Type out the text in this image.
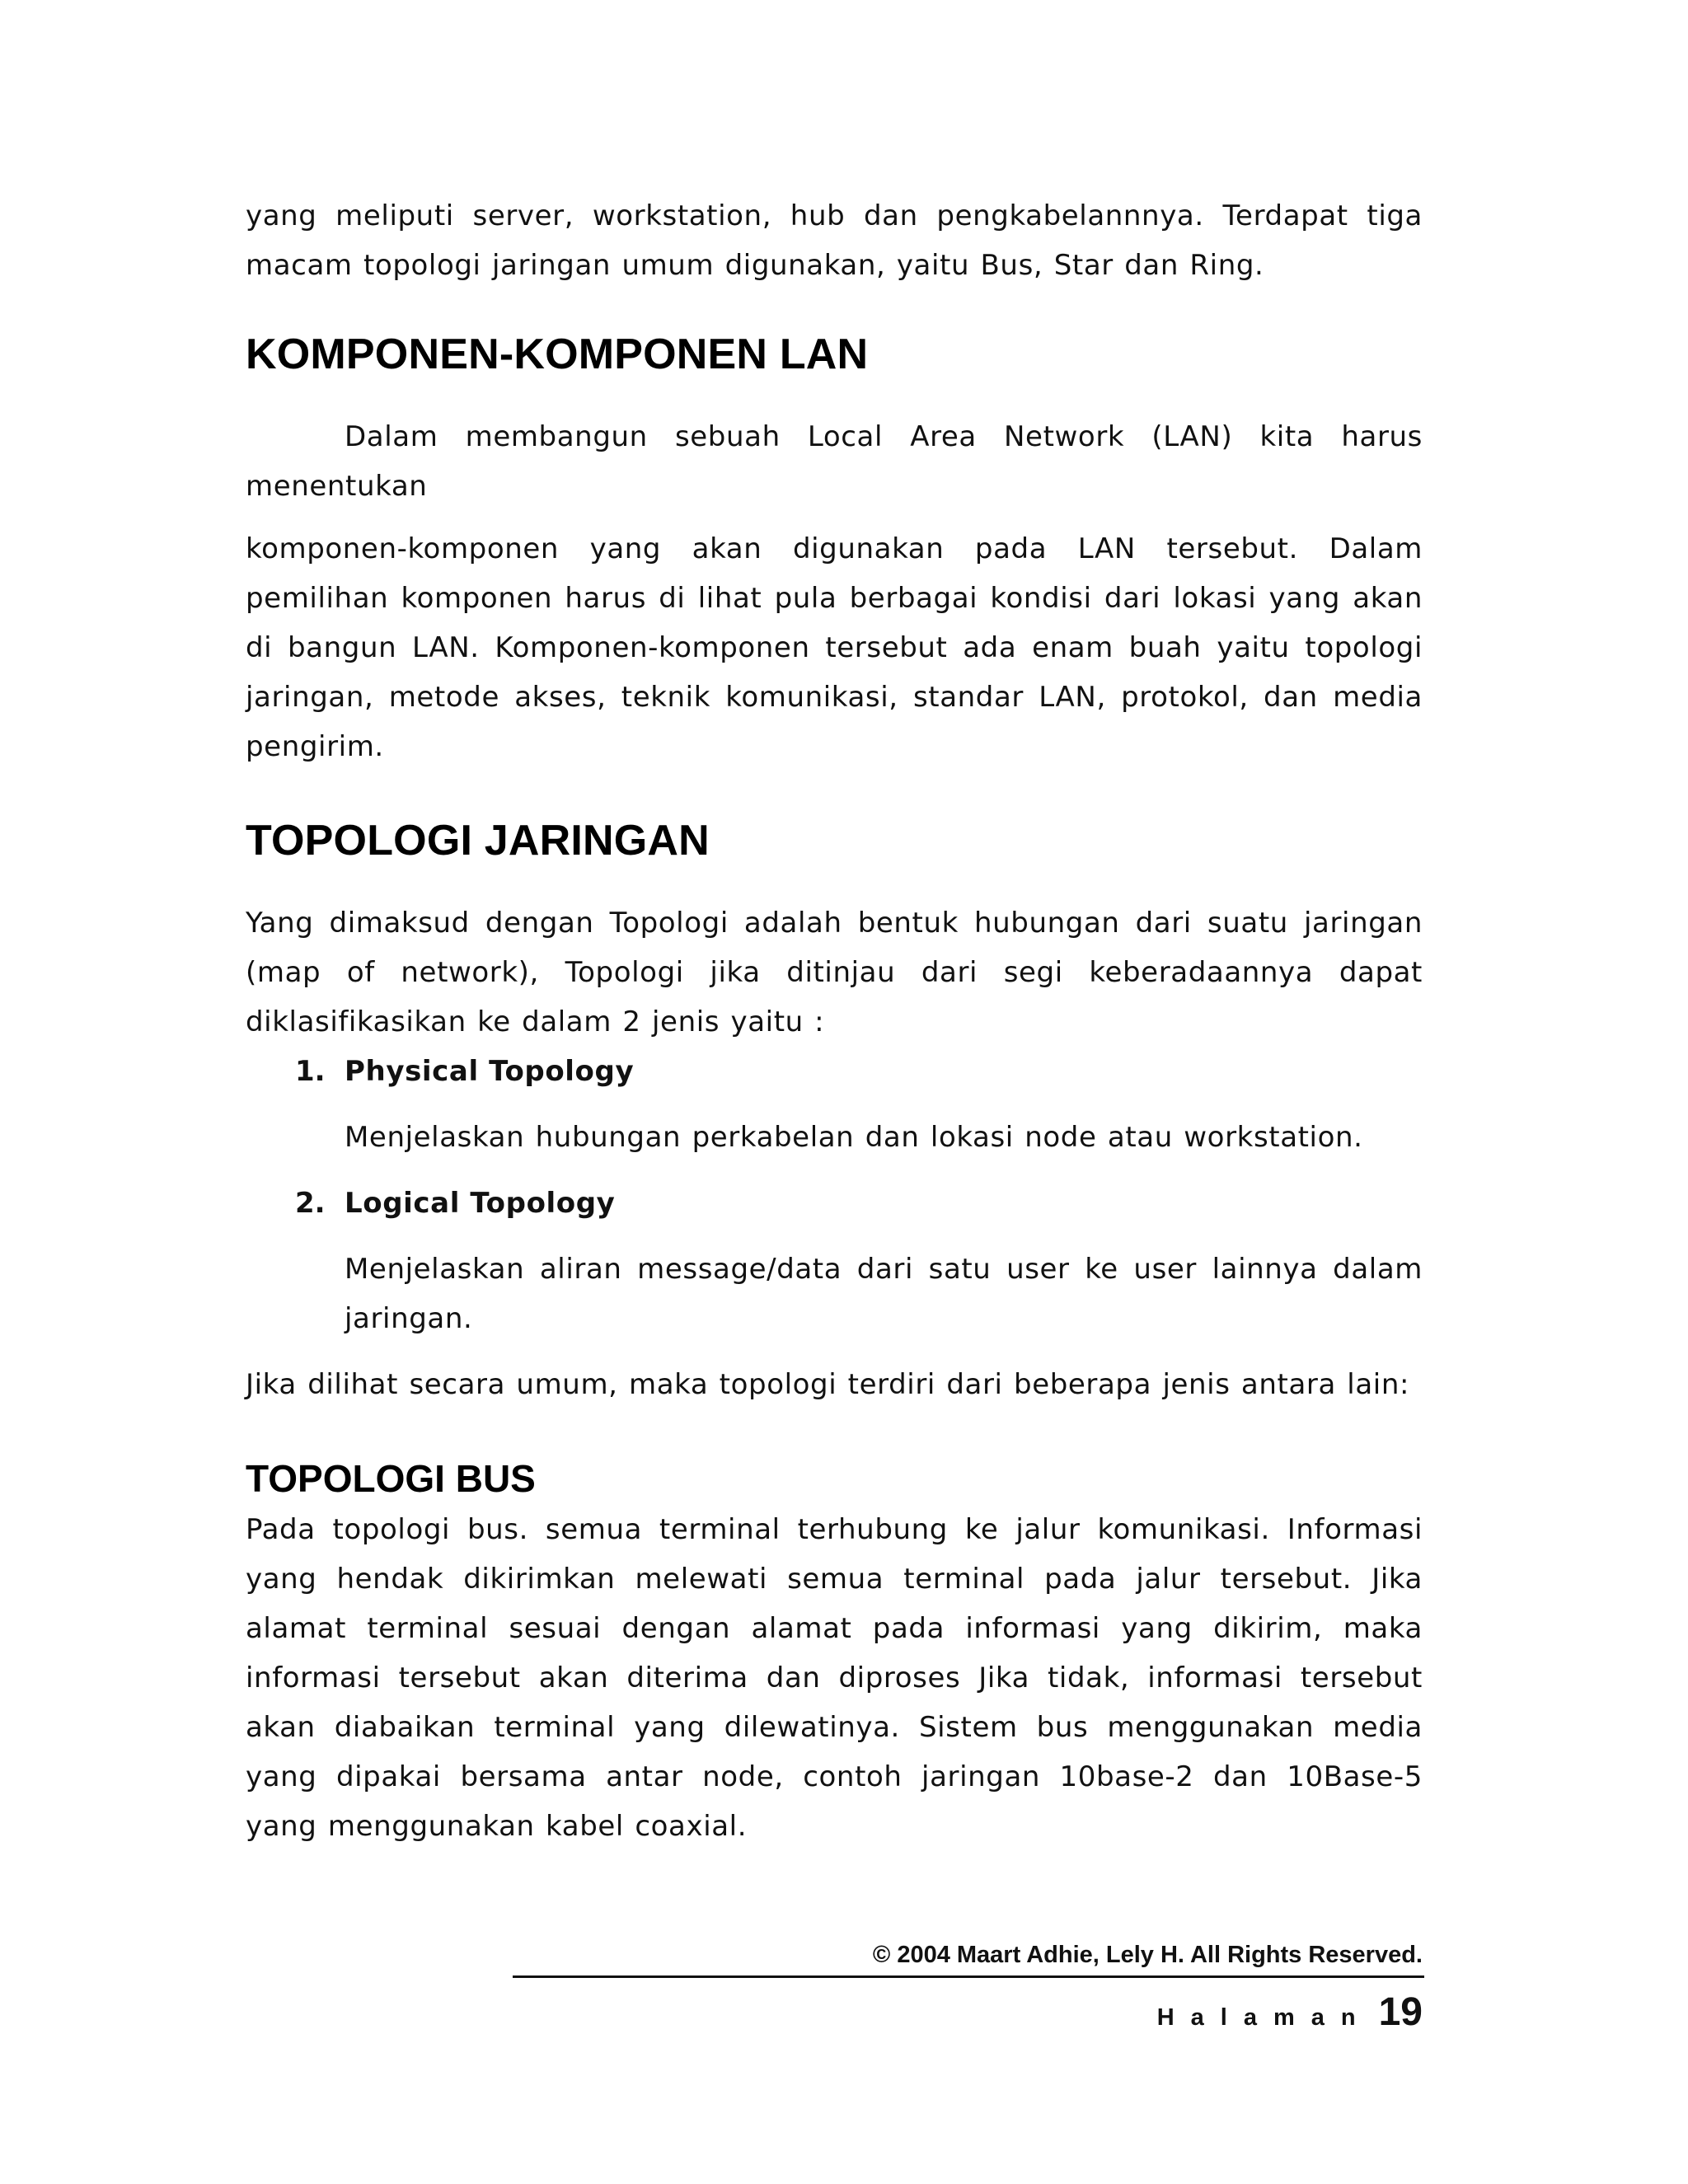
yang meliputi server, workstation, hub dan pengkabelannnya. Terdapat tiga macam topologi jaringan umum digunakan, yaitu Bus, Star dan Ring.

KOMPONEN-KOMPONEN LAN

Dalam membangun sebuah Local Area Network (LAN) kita harus menentukan

komponen-komponen yang akan digunakan pada LAN tersebut. Dalam pemilihan komponen harus di lihat pula berbagai kondisi dari lokasi yang akan di bangun LAN. Komponen-komponen tersebut ada enam buah yaitu topologi jaringan, metode akses, teknik komunikasi, standar LAN, protokol, dan media pengirim.

TOPOLOGI JARINGAN

Yang dimaksud dengan Topologi adalah bentuk hubungan dari suatu jaringan (map of network), Topologi jika ditinjau dari segi keberadaannya dapat diklasifikasikan ke dalam 2 jenis yaitu :

1. Physical Topology

Menjelaskan hubungan perkabelan dan lokasi node atau workstation.

2. Logical Topology

Menjelaskan aliran message/data dari satu user ke user lainnya dalam jaringan.

Jika dilihat secara umum, maka topologi terdiri dari beberapa jenis antara lain:

TOPOLOGI BUS

Pada topologi bus. semua terminal terhubung ke jalur komunikasi. Informasi yang hendak dikirimkan melewati semua terminal pada jalur tersebut. Jika alamat terminal sesuai dengan alamat pada informasi yang dikirim, maka informasi tersebut akan diterima dan diproses Jika tidak, informasi tersebut akan diabaikan terminal yang dilewatinya. Sistem bus menggunakan media yang dipakai bersama antar node, contoh jaringan 10base-2 dan 10Base-5 yang menggunakan kabel coaxial.

© 2004 Maart Adhie, Lely H. All Rights Reserved.
Halaman 19
